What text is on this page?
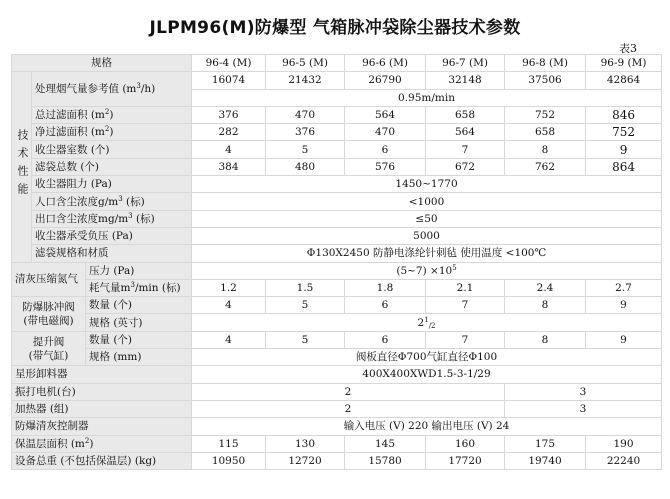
JLPM96(M)防爆型 气箱脉冲袋除尘器技术参数
表3
规格			96-4 (M)	96-5 (M)	96-6 (M)	96-7 (M)	96-8 (M)	96-9 (M)
技术性能	处理烟气量参考值 $(m^3/h)$		16074	21432	26790	32148	37506	42864
			0.95m/min					
	总过滤面积 $(m^2)$		376	470	564	658	752	846
	净过滤面积 $(m^2)$		282	376	470	564	658	752
	收尘器室数 (个)		4	5	6	7	8	9
	滤袋总数 (个)		384	480	576	672	762	864
	收尘器阻力 (Pa)		1450~1770					
	人口含尘浓度$g/m^3$ (标)		<1000					
	出口含尘浓度$mg/m^3$ (标)		≤50					
	收尘器承受负压 (Pa)		5000					
	滤袋规格和材质		Φ130X2450 防静电涤纶针刺毡 使用温度 <100℃					
清灰压缩氮气		压力 (Pa)	(5~7) $\times 10^5$
		耗气量$m^3/\min$ (标)	1.2	1.5	1.8	2.1	2.4	2.7

防爆脉冲阀
(带电磁阀)		数量 (个)	4	5	6	7	8	9
		规格 (英寸)	$2^1_{/2}$

提升阀
(带气缸)		数量 (个)	4	5	6	7	8	9
		规格 (mm)	阀板直径Φ700气缸直径Φ100					
星形卸料器			400X400XWD1.5-3-1/29					
振打电机(台)			2				3	
加热器 (组)			2				3	
防爆清灰控制器			输入电压 (V) 220 输出电压 (V) 24					
保温层面积 $(m^2)$			115	130	145	160	175	190
设备总重 (不包括保温层) (kg)			10950	12720	15780	17720	19740	22240
